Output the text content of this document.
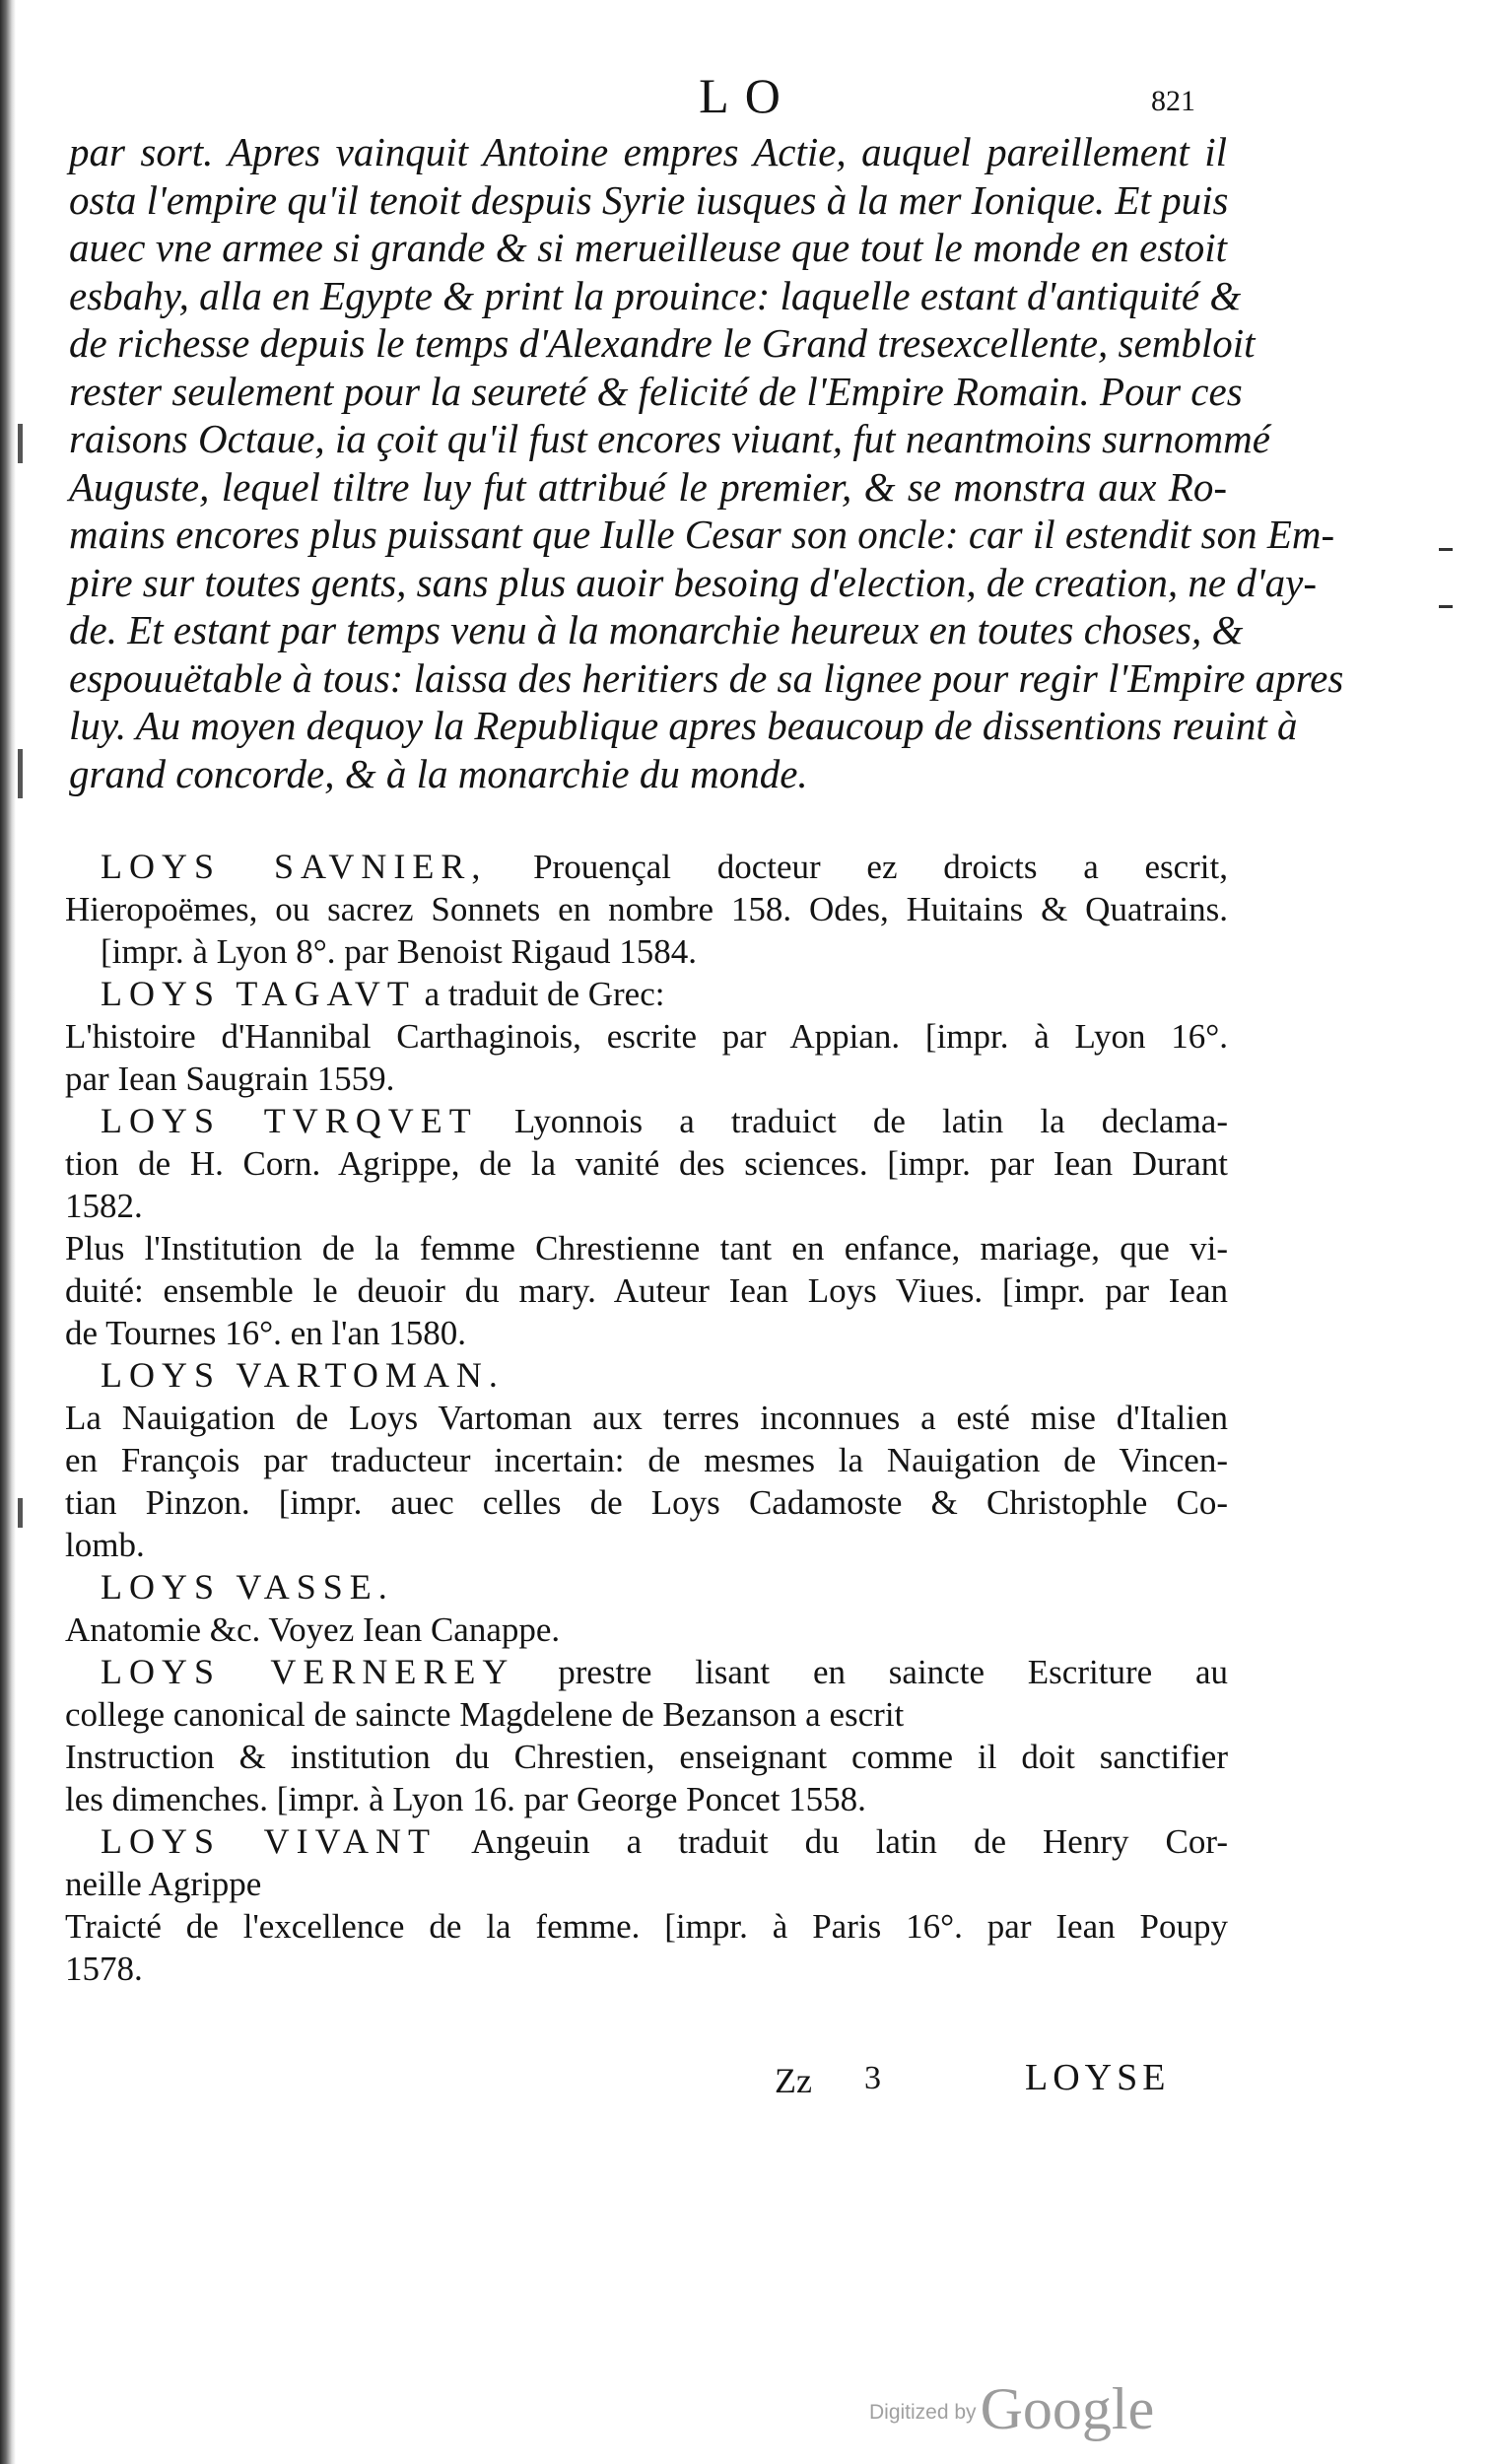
LO	821
par sort. Apres vainquit Antoine empres Actie, auquel pareillement il
osta l'empire qu'il tenoit despuis Syrie iusques à la mer Ionique. Et puis
auec vne armee si grande & si merueilleuse que tout le monde en estoit
esbahy, alla en Egypte & print la prouince: laquelle estant d'antiquité &
de richesse depuis le temps d'Alexandre le Grand tresexcellente, sembloit
rester seulement pour la seureté & felicité de l'Empire Romain. Pour ces
raisons Octaue, ia çoit qu'il fust encores viuant, fut neantmoins surnommé
Auguste, lequel tiltre luy fut attribué le premier, & se monstra aux Ro-
mains encores plus puissant que Iulle Cesar son oncle: car il estendit son Em-
pire sur toutes gents, sans plus auoir besoing d'election, de creation, ne d'ay-
de. Et estant par temps venu à la monarchie heureux en toutes choses, &
espouuëtable à tous: laissa des heritiers de sa lignee pour regir l'Empire apres
luy. Au moyen dequoy la Republique apres beaucoup de dissentions reuint à
grand concorde, & à la monarchie du monde.
LOYS SAVNIER, Prouençal docteur ez droicts a escrit,
Hieropoëmes, ou sacrez Sonnets en nombre 158. Odes, Huitains & Quatrains.
[impr. à Lyon 8°. par Benoist Rigaud 1584.
LOYS TAGAVT a traduit de Grec:
L'histoire d'Hannibal Carthaginois, escrite par Appian. [impr. à Lyon 16°.
par Iean Saugrain 1559.
LOYS TVRQVET Lyonnois a traduict de latin la declama-
tion de H. Corn. Agrippe, de la vanité des sciences. [impr. par Iean Durant
1582.
Plus l'Institution de la femme Chrestienne tant en enfance, mariage, que vi-
duité: ensemble le deuoir du mary. Auteur Iean Loys Viues. [impr. par Iean
de Tournes 16°. en l'an 1580.
LOYS VARTOMAN.
La Nauigation de Loys Vartoman aux terres inconnues a esté mise d'Italien
en François par traducteur incertain: de mesmes la Nauigation de Vincen-
tian Pinzon. [impr. auec celles de Loys Cadamoste & Christophle Co-
lomb.
LOYS VASSE.
Anatomie &c. Voyez Iean Canappe.
LOYS VERNEREY prestre lisant en saincte Escriture au
college canonical de saincte Magdelene de Bezanson a escrit
Instruction & institution du Chrestien, enseignant comme il doit sanctifier
les dimenches. [impr. à Lyon 16. par George Poncet 1558.
LOYS VIVANT Angeuin a traduit du latin de Henry Cor-
neille Agrippe
Traicté de l'excellence de la femme. [impr. à Paris 16°. par Iean Poupy
1578.
Zz 3	LOYSE
Digitized byGoogle
